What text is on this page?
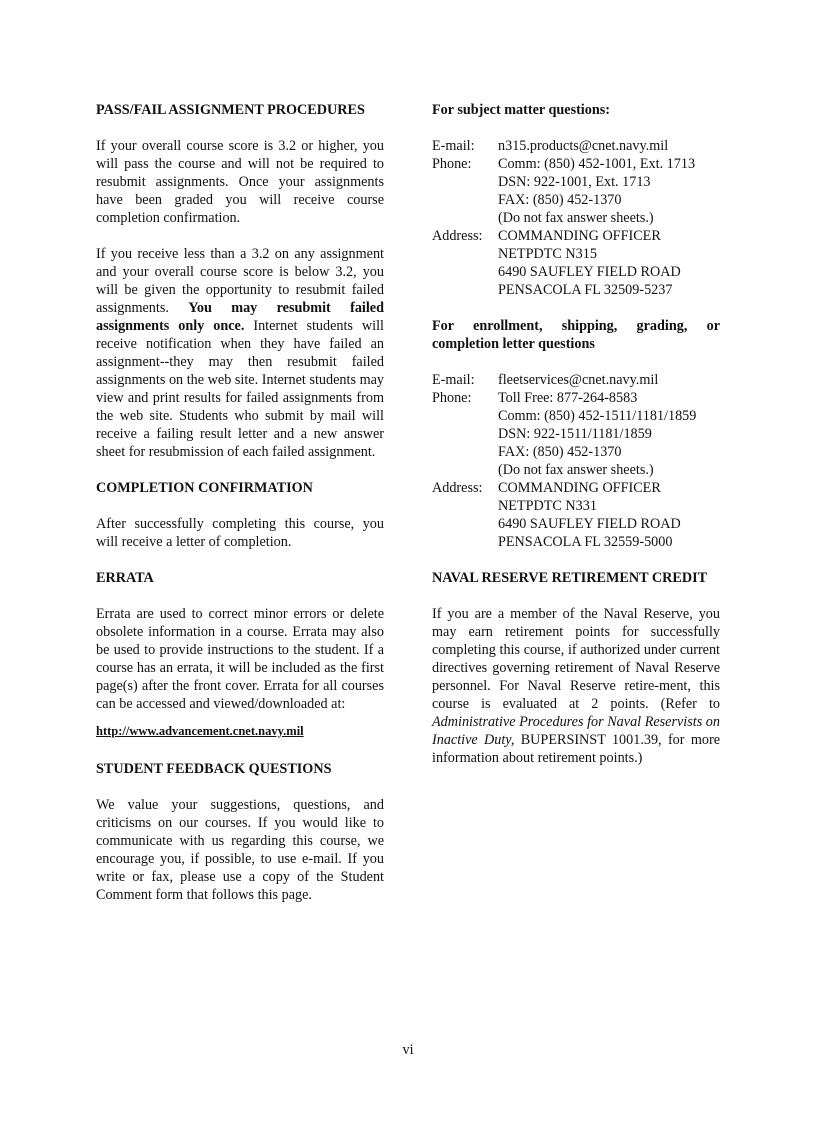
PASS/FAIL ASSIGNMENT PROCEDURES

If your overall course score is 3.2 or higher, you will pass the course and will not be required to resubmit assignments. Once your assignments have been graded you will receive course completion confirmation.

If you receive less than a 3.2 on any assignment and your overall course score is below 3.2, you will be given the opportunity to resubmit failed assignments. You may resubmit failed assignments only once. Internet students will receive notification when they have failed an assignment--they may then resubmit failed assignments on the web site. Internet students may view and print results for failed assignments from the web site. Students who submit by mail will receive a failing result letter and a new answer sheet for resubmission of each failed assignment.

COMPLETION CONFIRMATION

After successfully completing this course, you will receive a letter of completion.

ERRATA

Errata are used to correct minor errors or delete obsolete information in a course. Errata may also be used to provide instructions to the student. If a course has an errata, it will be included as the first page(s) after the front cover. Errata for all courses can be accessed and viewed/downloaded at:

http://www.advancement.cnet.navy.mil
STUDENT FEEDBACK QUESTIONS

We value your suggestions, questions, and criticisms on our courses. If you would like to communicate with us regarding this course, we encourage you, if possible, to use e-mail. If you write or fax, please use a copy of the Student Comment form that follows this page.

For subject matter questions:
E-mail:	n315.products@cnet.navy.mil
Phone:	Comm: (850) 452-1001, Ext. 1713
DSN: 922-1001, Ext. 1713
FAX: (850) 452-1370
(Do not fax answer sheets.)
Address:	COMMANDING OFFICER
NETPDTC N315
6490 SAUFLEY FIELD ROAD
PENSACOLA FL 32509-5237
For enrollment, shipping, grading, or completion letter questions
E-mail:	fleetservices@cnet.navy.mil
Phone:	Toll Free: 877-264-8583
Comm: (850) 452-1511/1181/1859
DSN: 922-1511/1181/1859
FAX: (850) 452-1370
(Do not fax answer sheets.)
Address:	COMMANDING OFFICER
NETPDTC N331
6490 SAUFLEY FIELD ROAD
PENSACOLA FL 32559-5000
NAVAL RESERVE RETIREMENT CREDIT

If you are a member of the Naval Reserve, you may earn retirement points for successfully completing this course, if authorized under current directives governing retirement of Naval Reserve personnel. For Naval Reserve retire-ment, this course is evaluated at 2 points. (Refer to Administrative Procedures for Naval Reservists on Inactive Duty, BUPERSINST 1001.39, for more information about retirement points.)

vi
